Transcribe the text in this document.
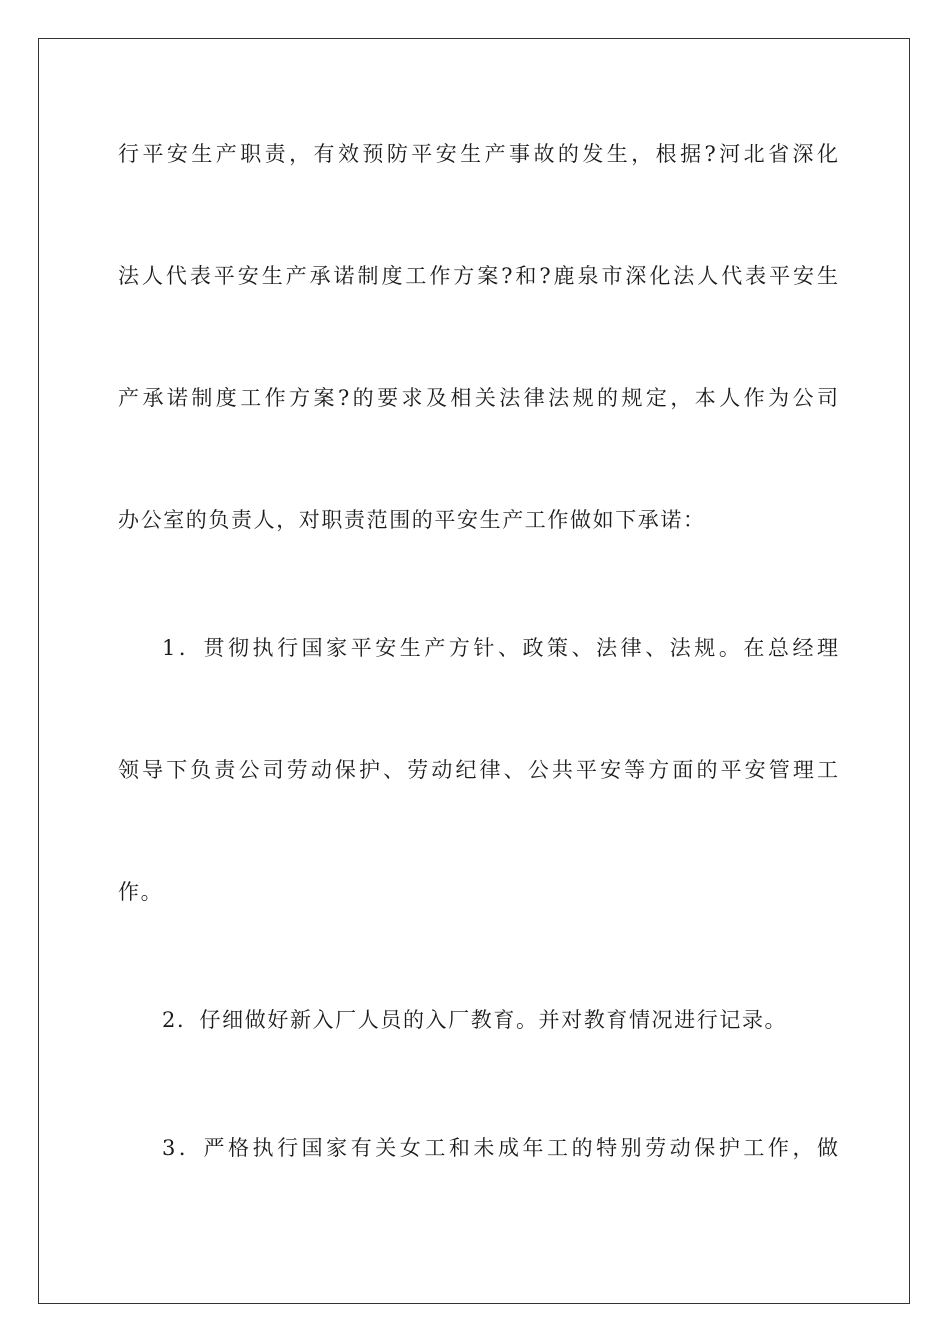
行平安生产职责，有效预防平安生产事故的发生，根据?河北省深化
法人代表平安生产承诺制度工作方案?和?鹿泉市深化法人代表平安生
产承诺制度工作方案?的要求及相关法律法规的规定，本人作为公司
办公室的负责人，对职责范围的平安生产工作做如下承诺：
1．贯彻执行国家平安生产方针、政策、法律、法规。在总经理
领导下负责公司劳动保护、劳动纪律、公共平安等方面的平安管理工
作。
2．仔细做好新入厂人员的入厂教育。并对教育情况进行记录。
3．严格执行国家有关女工和未成年工的特别劳动保护工作，做
